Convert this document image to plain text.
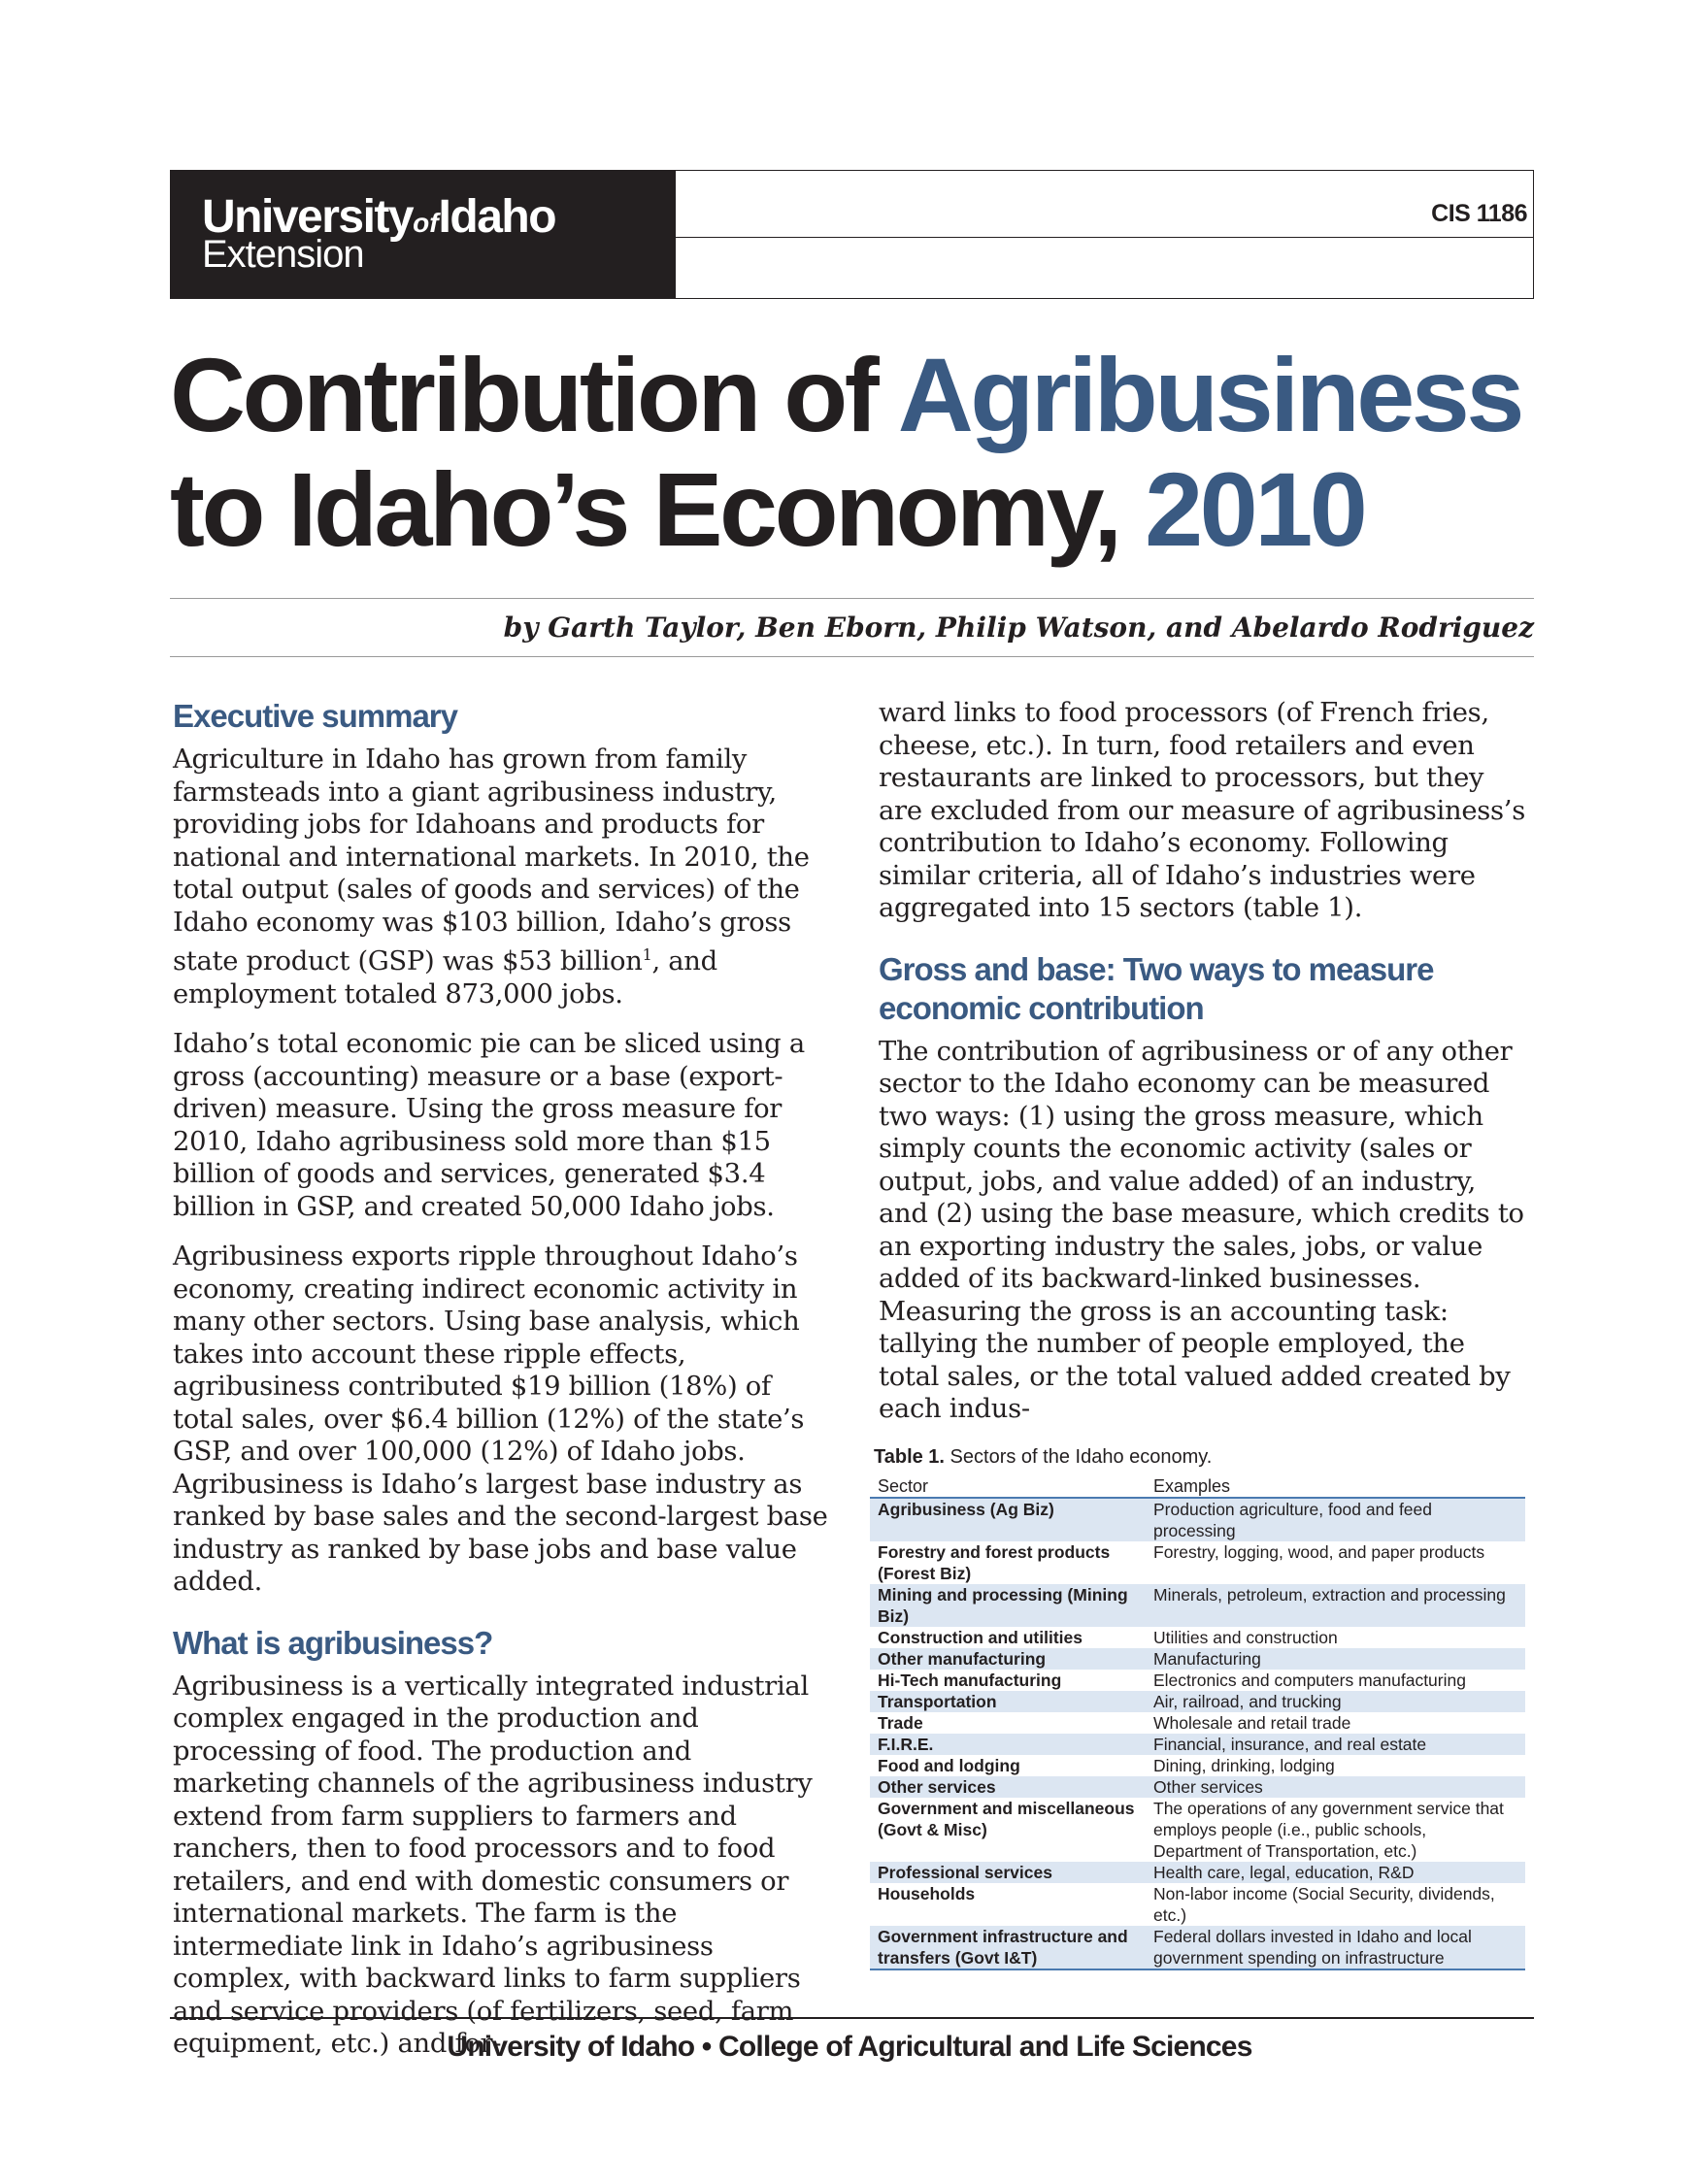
UniversityofIdaho
Extension
CIS 1186
Contribution of Agribusiness
to Idaho’s Economy, 2010
by Garth Taylor, Ben Eborn, Philip Watson, and Abelardo Rodriguez
Executive summary

Agriculture in Idaho has grown from family farmsteads into a giant agribusiness industry, providing jobs for Idahoans and products for national and international markets. In 2010, the total output (sales of goods and services) of the Idaho economy was $103 billion, Idaho’s gross state product (GSP) was $53 billion$^1$, and employment totaled 873,000 jobs.

Idaho’s total economic pie can be sliced using a gross (accounting) measure or a base (export-driven) measure. Using the gross measure for 2010, Idaho agribusiness sold more than $15 billion of goods and services, generated $3.4 billion in GSP, and created 50,000 Idaho jobs.

Agribusiness exports ripple throughout Idaho’s economy, creating indirect economic activity in many other sectors. Using base analysis, which takes into account these ripple effects, agribusiness contributed $19 billion (18%) of total sales, over $6.4 billion (12%) of the state’s GSP, and over 100,000 (12%) of Idaho jobs. Agribusiness is Idaho’s largest base industry as ranked by base sales and the second-largest base industry as ranked by base jobs and base value added.

What is agribusiness?

Agribusiness is a vertically integrated industrial complex engaged in the production and processing of food. The production and marketing channels of the agribusiness industry extend from farm suppliers to farmers and ranchers, then to food processors and to food retailers, and end with domestic consumers or international markets. The farm is the intermediate link in Idaho’s agribusiness complex, with backward links to farm suppliers and service providers (of fertilizers, seed, farm equipment, etc.) and for-

ward links to food processors (of French fries, cheese, etc.). In turn, food retailers and even restaurants are linked to processors, but they are excluded from our measure of agribusiness’s contribution to Idaho’s economy. Following similar criteria, all of Idaho’s industries were aggregated into 15 sectors (table 1).

Gross and base: Two ways to measure economic contribution

The contribution of agribusiness or of any other sector to the Idaho economy can be measured two ways: (1) using the gross measure, which simply counts the economic activity (sales or output, jobs, and value added) of an industry, and (2) using the base measure, which credits to an exporting industry the sales, jobs, or value added of its backward-linked businesses. Measuring the gross is an accounting task: tallying the number of people employed, the total sales, or the total valued added created by each indus-

Table 1. Sectors of the Idaho economy.
Sector	Examples
Agribusiness (Ag Biz)	Production agriculture, food and feed processing
Forestry and forest products (Forest Biz)	Forestry, logging, wood, and paper products
Mining and processing (Mining Biz)	Minerals, petroleum, extraction and processing
Construction and utilities	Utilities and construction
Other manufacturing	Manufacturing
Hi-Tech manufacturing	Electronics and computers manufacturing
Transportation	Air, railroad, and trucking
Trade	Wholesale and retail trade
F.I.R.E.	Financial, insurance, and real estate
Food and lodging	Dining, drinking, lodging
Other services	Other services
Government and miscellaneous (Govt & Misc)	The operations of any government service that employs people (i.e., public schools, Department of Transportation, etc.)
Professional services	Health care, legal, education, R&D
Households	Non-labor income (Social Security, dividends, etc.)
Government infrastructure and transfers (Govt I&T)	Federal dollars invested in Idaho and local government spending on infrastructure
University of Idaho • College of Agricultural and Life Sciences
